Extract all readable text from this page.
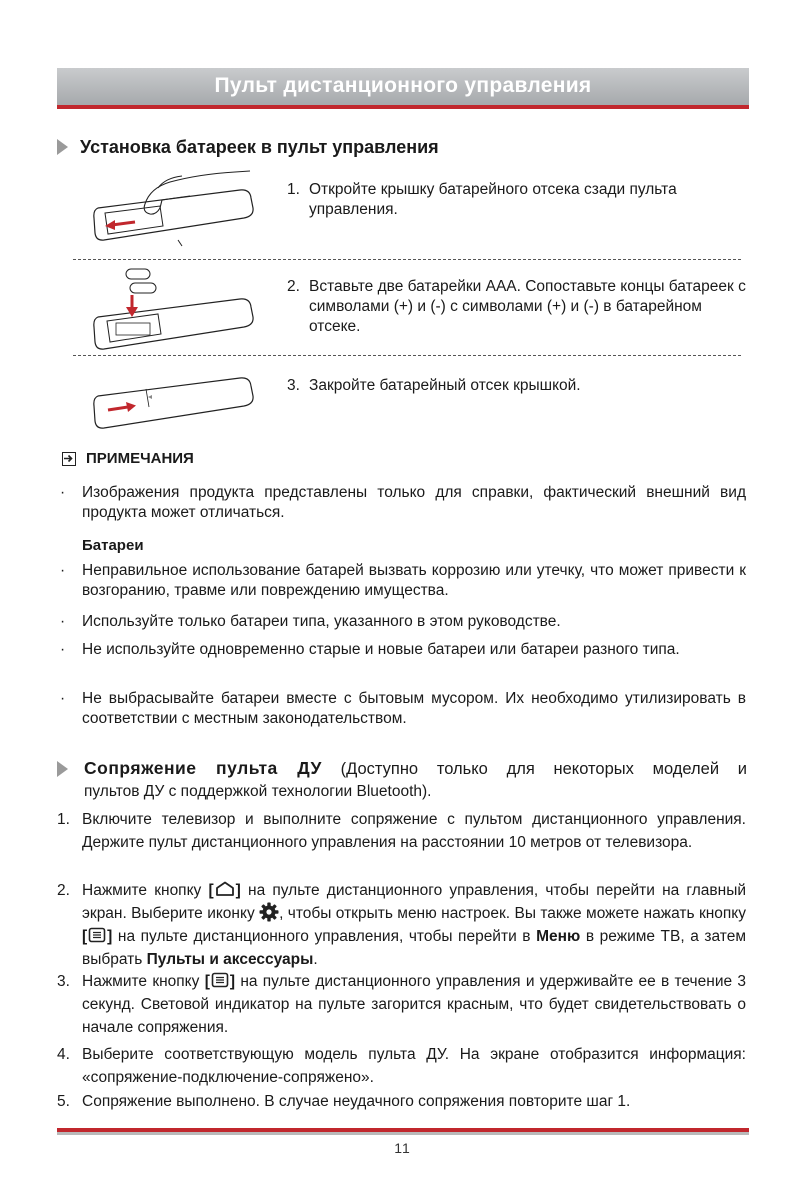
Пульт дистанционного управления
Установка батареек в пульт управления
1. Откройте крышку батарейного отсека сзади пульта управления.
2. Вставьте две батарейки AAA. Сопоставьте концы батареек с символами (+) и (-) с символами (+) и (-) в батарейном отсеке.
3. Закройте батарейный отсек крышкой.
ПРИМЕЧАНИЯ
· Изображения продукта представлены только для справки, фактический внешний вид продукта может отличаться.
Батареи
· Неправильное использование батарей вызвать коррозию или утечку, что может привести к возгоранию, травме или повреждению имущества.
· Используйте только батареи типа, указанного в этом руководстве.
· Не используйте одновременно старые и новые батареи или батареи разного типа.
· Не выбрасывайте батареи вместе с бытовым мусором. Их необходимо утилизировать в соответствии с местным законодательством.
Сопряжение пульта ДУ (Доступно только для некоторых моделей и
пультов ДУ с поддержкой технологии Bluetooth).
1. Включите телевизор и выполните сопряжение с пультом дистанционного управления. Держите пульт дистанционного управления на расстоянии 10 метров от телевизора.
2. Нажмите кнопку [ ] на пульте дистанционного управления, чтобы перейти на главный экран. Выберите иконку , чтобы открыть меню настроек. Вы также можете нажать кнопку [ ] на пульте дистанционного управления, чтобы перейти в Меню в режиме ТВ, а затем выбрать Пульты и аксессуары.
3. Нажмите кнопку [ ] на пульте дистанционного управления и удерживайте ее в течение 3 секунд. Световой индикатор на пульте загорится красным, что будет свидетельствовать о начале сопряжения.
4. Выберите соответствующую модель пульта ДУ. На экране отобразится информация: «сопряжение-подключение-сопряжено».
5. Сопряжение выполнено. В случае неудачного сопряжения повторите шаг 1.
11
